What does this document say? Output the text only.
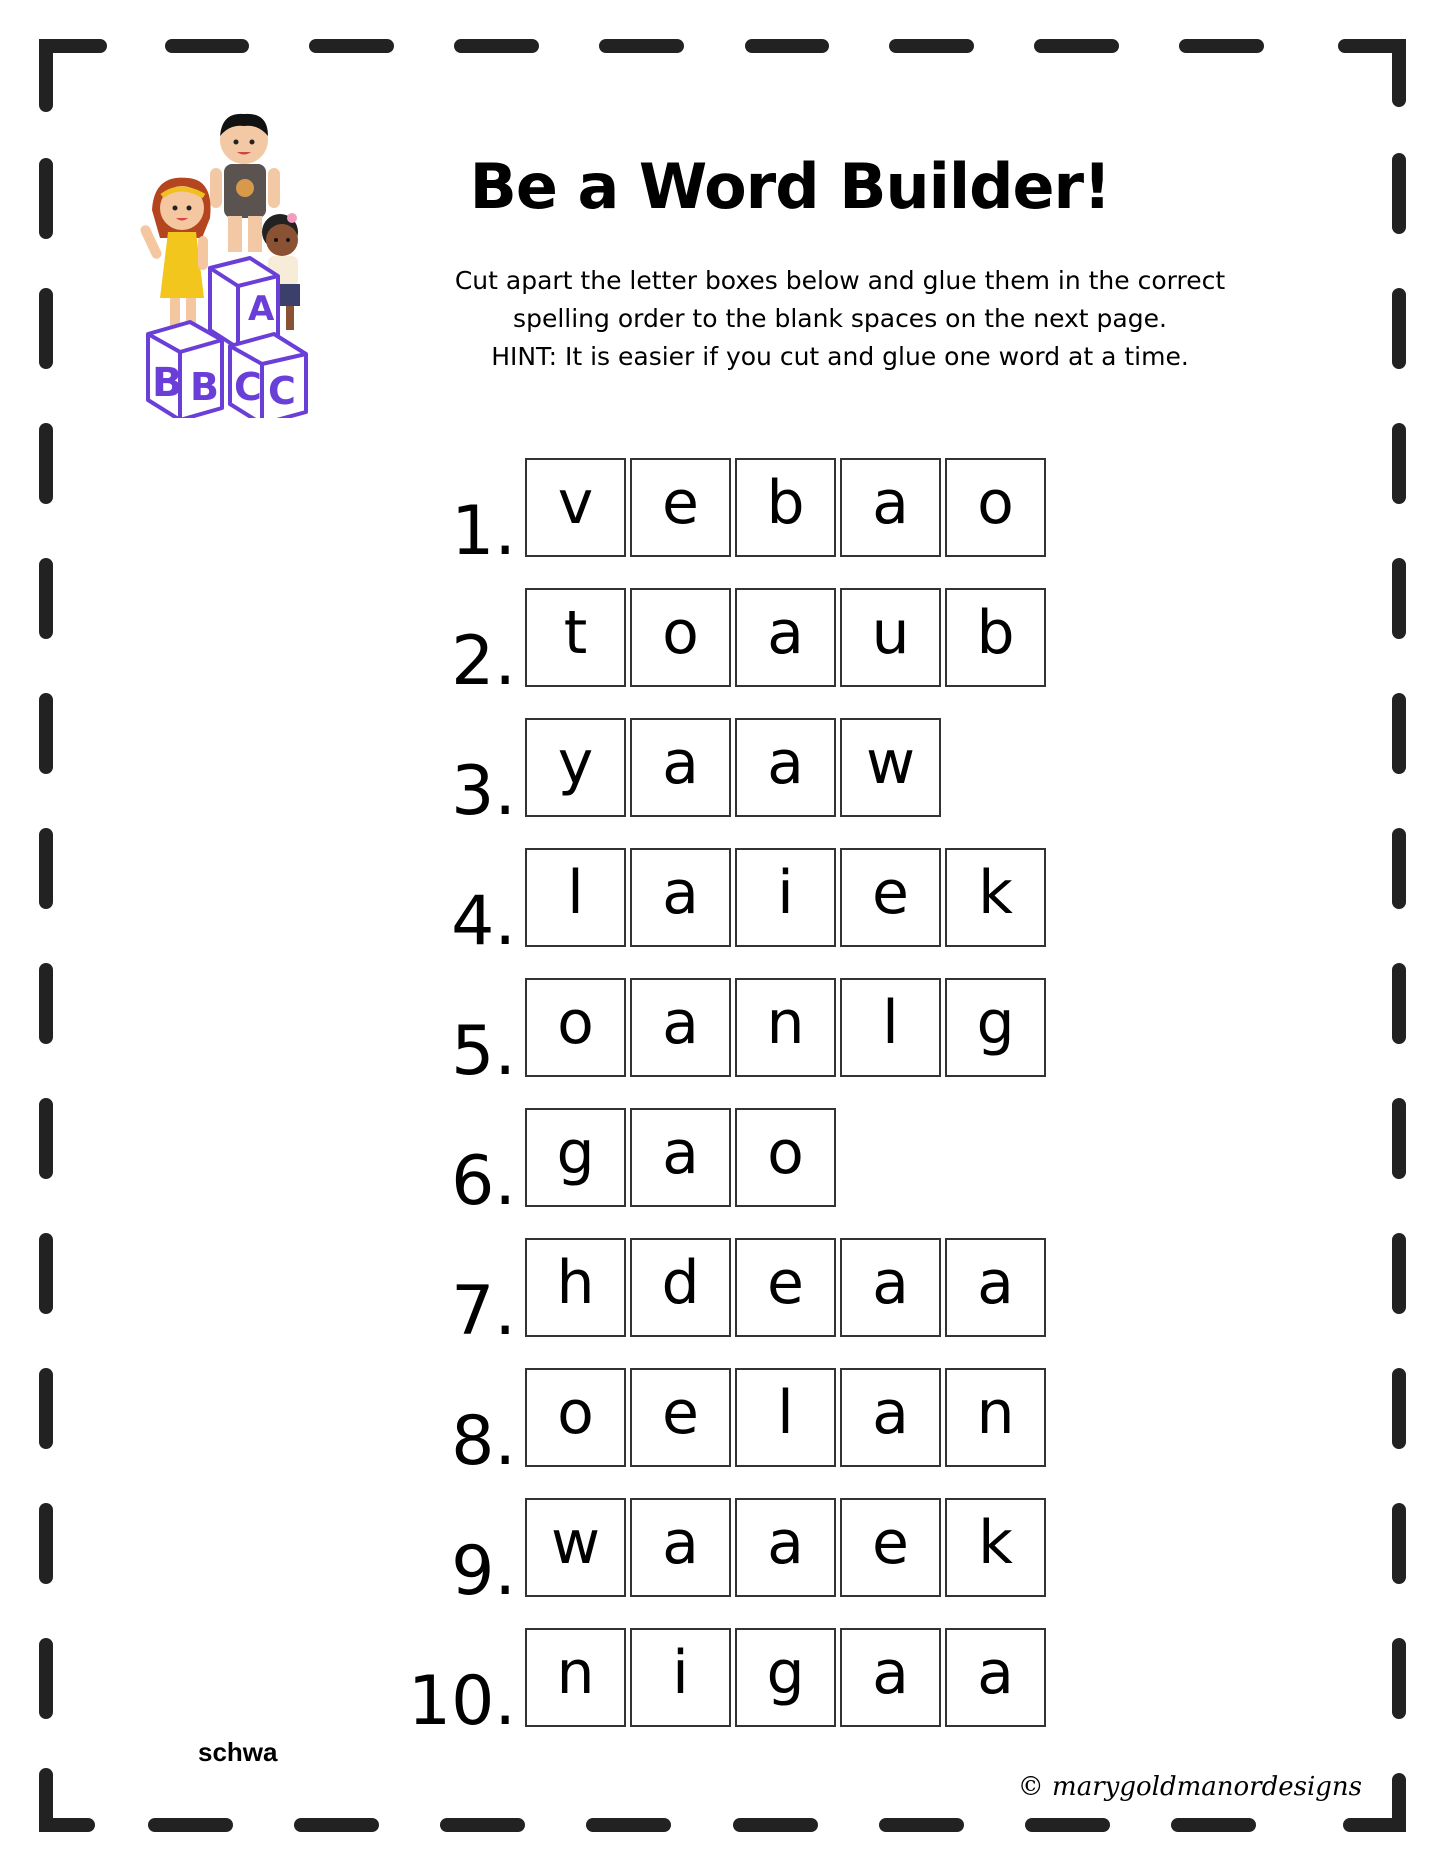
A
B B C C
Be a Word Builder!
Cut apart the letter boxes below and glue them in the correct
spelling order to the blank spaces on the next page.
HINT: It is easier if you cut and glue one word at a time.
1. v	e	b	a	o
2. t	o	a	u	b
3. y	a	a	w
4. l	a	i	e	k
5. o	a	n	l	g
6. g	a	o
7. h	d	e	a	a
8. o	e	l	a	n
9. w	a	a	e	k
10. n	i	g	a	a
schwa
© marygoldmanordesigns
